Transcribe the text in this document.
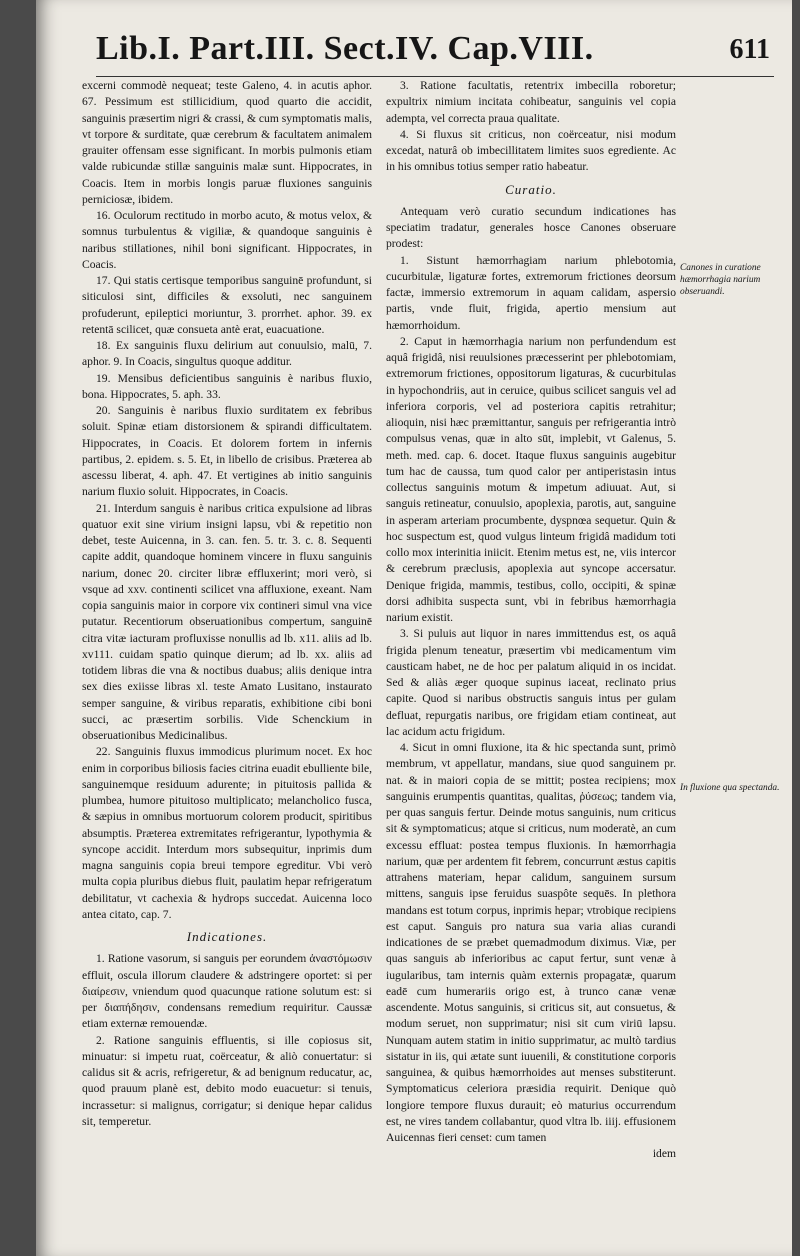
Lib.I. Part.III. Sect.IV. Cap.VIII.	611

excerni commodè nequeat; teste Galeno, 4. in acutis aphor. 67. Pessimum est stillicidium, quod quarto die accidit, sanguinis præsertim nigri & crassi, & cum symptomatis malis, vt torpore & surditate, quæ cerebrum & facultatem animalem grauiter offensam esse significant. In morbis pulmonis etiam valde rubicundæ stillæ sanguinis malæ sunt. Hippocrates, in Coacis. Item in morbis longis paruæ fluxiones sanguinis perniciosæ, ibidem.

16. Oculorum rectitudo in morbo acuto, & motus velox, & somnus turbulentus & vigiliæ, & quandoque sanguinis è naribus stillationes, nihil boni significant. Hippocrates, in Coacis.

17. Qui statis certisque temporibus sanguinē profundunt, si siticulosi sint, difficiles & exsoluti, nec sanguinem profuderunt, epileptici moriuntur, 3. prorrhet. aphor. 39. ex retentā scilicet, quæ consueta antè erat, euacuatione.

18. Ex sanguinis fluxu delirium aut conuulsio, malū, 7. aphor. 9. In Coacis, singultus quoque additur.

19. Mensibus deficientibus sanguinis è naribus fluxio, bona. Hippocrates, 5. aph. 33.

20. Sanguinis è naribus fluxio surditatem ex febribus soluit. Spinæ etiam distorsionem & spirandi difficultatem. Hippocrates, in Coacis. Et dolorem fortem in infernis partibus, 2. epidem. s. 5. Et, in libello de crisibus. Præterea ab ascessu liberat, 4. aph. 47. Et vertigines ab initio sanguinis narium fluxio soluit. Hippocrates, in Coacis.

21. Interdum sanguis è naribus critica expulsione ad libras quatuor exit sine virium insigni lapsu, vbi & repetitio non debet, teste Auicenna, in 3. can. fen. 5. tr. 3. c. 8. Sequenti capite addit, quandoque hominem vincere in fluxu sanguinis narium, donec 20. circiter libræ effluxerint; mori verò, si vsque ad xxv. continenti scilicet vna affluxione, exeant. Nam copia sanguinis maior in corpore vix contineri simul vna vice putatur. Recentiorum obseruationibus compertum, sanguinē citra vitæ iacturam profluxisse nonullis ad lb. x11. aliis ad lb. xv111. cuidam spatio quinque dierum; ad lb. xx. aliis ad totidem libras die vna & noctibus duabus; aliis denique intra sex dies exiisse libras xl. teste Amato Lusitano, instaurato semper sanguine, & viribus reparatis, exhibitione cibi boni succi, ac præsertim sorbilis. Vide Schenckium in obseruationibus Medicinalibus.

22. Sanguinis fluxus immodicus plurimum nocet. Ex hoc enim in corporibus biliosis facies citrina euadit ebulliente bile, sanguinemque residuum adurente; in pituitosis pallida & plumbea, humore pituitoso multiplicato; melancholico fusca, & sæpius in omnibus mortuorum colorem producit, spiritibus absumptis. Præterea extremitates refrigerantur, lypothymia & syncope accidit. Interdum mors subsequitur, inprimis dum magna sanguinis copia breui tempore egreditur. Vbi verò multa copia pluribus diebus fluit, paulatim hepar refrigeratum debilitatur, vt cachexia & hydrops succedat. Auicenna loco antea citato, cap. 7.

Indicationes.

1. Ratione vasorum, si sanguis per eorundem ἀναστόμωσιν effluit, oscula illorum claudere & adstringere oportet: si per διαίρεσιν, vniendum quod quacunque ratione solutum est: si per διαπήδησιν, condensans remedium requiritur. Caussæ etiam externæ remouendæ.

2. Ratione sanguinis effluentis, si ille copiosus sit, minuatur: si impetu ruat, coërceatur, & aliò conuertatur: si calidus sit & acris, refrigeretur, & ad benignum reducatur, ac, quod prauum planè est, debito modo euacuetur: si tenuis, incrassetur: si malignus, corrigatur; si denique hepar calidus sit, temperetur.

3. Ratione facultatis, retentrix imbecilla roboretur; expultrix nimium incitata cohibeatur, sanguinis vel copia adempta, vel correcta praua qualitate.

4. Si fluxus sit criticus, non coërceatur, nisi modum excedat, naturâ ob imbecillitatem limites suos egrediente. Ac in his omnibus totius semper ratio habeatur.

Curatio.

Antequam verò curatio secundum indicationes has speciatim tradatur, generales hosce Canones obseruare prodest:

1. Sistunt hæmorrhagiam narium phlebotomia, cucurbitulæ, ligaturæ fortes, extremorum frictiones deorsum factæ, immersio extremorum in aquam calidam, aspersio partis, vnde fluit, frigida, apertio mensium aut hæmorrhoidum.

2. Caput in hæmorrhagia narium non perfundendum est aquâ frigidâ, nisi reuulsiones præcesserint per phlebotomiam, extremorum frictiones, oppositorum ligaturas, & cucurbitulas in hypochondriis, aut in ceruice, quibus scilicet sanguis vel ad inferiora corporis, vel ad posteriora capitis retrahitur; alioquin, nisi hæc præmittantur, sanguis per refrigerantia intrò compulsus venas, quæ in alto sūt, implebit, vt Galenus, 5. meth. med. cap. 6. docet. Itaque fluxus sanguinis augebitur tum hac de caussa, tum quod calor per antiperistasin intus collectus sanguinis motum & impetum adiuuat. Aut, si sanguis retineatur, conuulsio, apoplexia, parotis, aut, sanguine in asperam arteriam procumbente, dyspnœa sequetur. Quin & hoc suspectum est, quod vulgus linteum frigidâ madidum toti collo mox interinitia iniicit. Etenim metus est, ne, viis intercor & cerebrum præclusis, apoplexia aut syncope accersatur. Denique frigida, mammis, testibus, collo, occipiti, & spinæ dorsi adhibita suspecta sunt, vbi in febribus hæmorrhagia narium existit.

3. Si puluis aut liquor in nares immittendus est, os aquâ frigida plenum teneatur, præsertim vbi medicamentum vim causticam habet, ne de hoc per palatum aliquid in os incidat. Sed & aliàs æger quoque supinus iaceat, reclinato prius capite. Quod si naribus obstructis sanguis intus per gulam defluat, repurgatis naribus, ore frigidam etiam contineat, aut lac acidum actu frigidum.

4. Sicut in omni fluxione, ita & hic spectanda sunt, primò membrum, vt appellatur, mandans, siue quod sanguinem pr. nat. & in maiori copia de se mittit; postea recipiens; mox sanguinis erumpentis quantitas, qualitas, ῥύσεως; tandem via, per quas sanguis fertur. Deinde motus sanguinis, num criticus sit & symptomaticus; atque si criticus, num moderatè, an cum excessu effluat: postea tempus fluxionis. In hæmorrhagia narium, quæ per ardentem fit febrem, concurrunt æstus capitis attrahens materiam, hepar calidum, sanguinem sursum mittens, sanguis ipse feruidus suaspôte sequēs. In plethora mandans est totum corpus, inprimis hepar; vtrobique recipiens est caput. Sanguis pro natura sua varia alias curandi indicationes de se præbet quemadmodum diximus. Viæ, per quas sanguis ab inferioribus ac caput fertur, sunt venæ à iugularibus, tam internis quàm externis propagatæ, quarum eadē cum humerariis origo est, à trunco canæ venæ ascendente. Motus sanguinis, si criticus sit, aut consuetus, & modum seruet, non supprimatur; nisi sit cum viriū lapsu. Nunquam autem statim in initio supprimatur, ac multò tardius sistatur in iis, qui ætate sunt iuuenili, & constitutione corporis sanguinea, & quibus hæmorrhoides aut menses substiterunt. Symptomaticus celeriora præsidia requirit. Denique quò longiore tempore fluxus durauit; eò maturius occurrendum est, ne vires tandem collabantur, quod vltra lb. iiij. effusionem Auicennas fieri censet: cum tamen

idem

Canones in curatione hæmorrhagia narium obseruandi.
In fluxione qua spectanda.
